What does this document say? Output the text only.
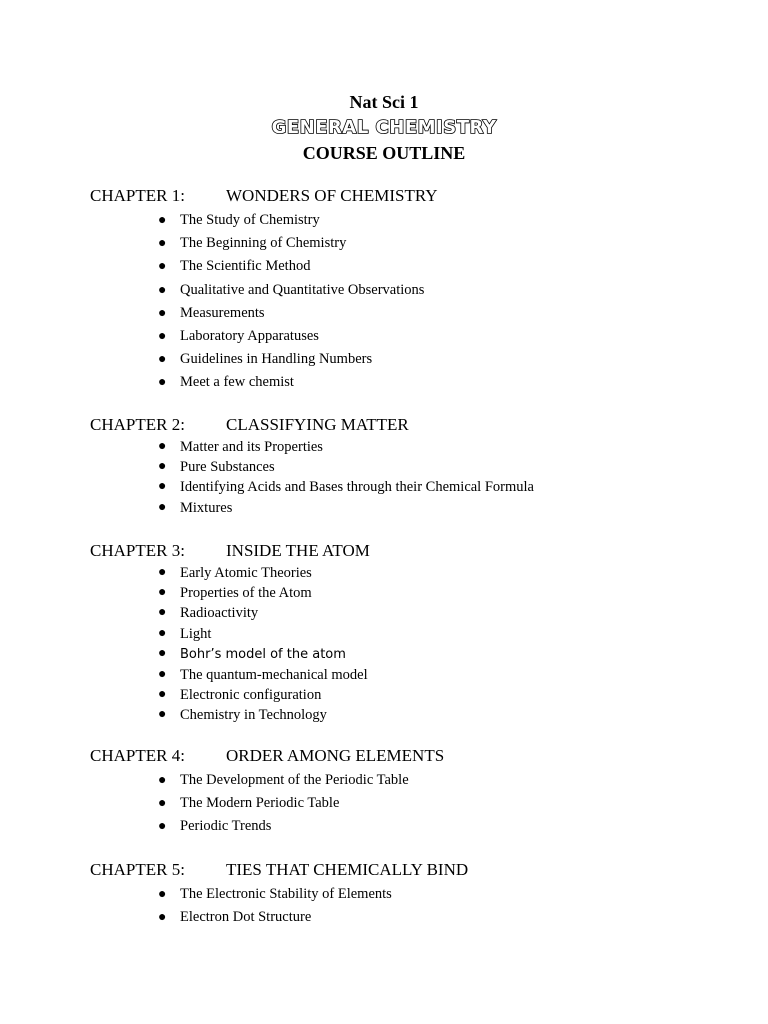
Nat Sci 1
GENERAL CHEMISTRY
COURSE OUTLINE
CHAPTER 1: WONDERS OF CHEMISTRY
● The Study of Chemistry
● The Beginning of Chemistry
● The Scientific Method
● Qualitative and Quantitative Observations
● Measurements
● Laboratory Apparatuses
● Guidelines in Handling Numbers
● Meet a few chemist
CHAPTER 2: CLASSIFYING MATTER
● Matter and its Properties
● Pure Substances
● Identifying Acids and Bases through their Chemical Formula
● Mixtures
CHAPTER 3: INSIDE THE ATOM
● Early Atomic Theories
● Properties of the Atom
● Radioactivity
● Light
● Bohr’s model of the atom
● The quantum-mechanical model
● Electronic configuration
● Chemistry in Technology
CHAPTER 4: ORDER AMONG ELEMENTS
● The Development of the Periodic Table
● The Modern Periodic Table
● Periodic Trends
CHAPTER 5: TIES THAT CHEMICALLY BIND
● The Electronic Stability of Elements
● Electron Dot Structure
